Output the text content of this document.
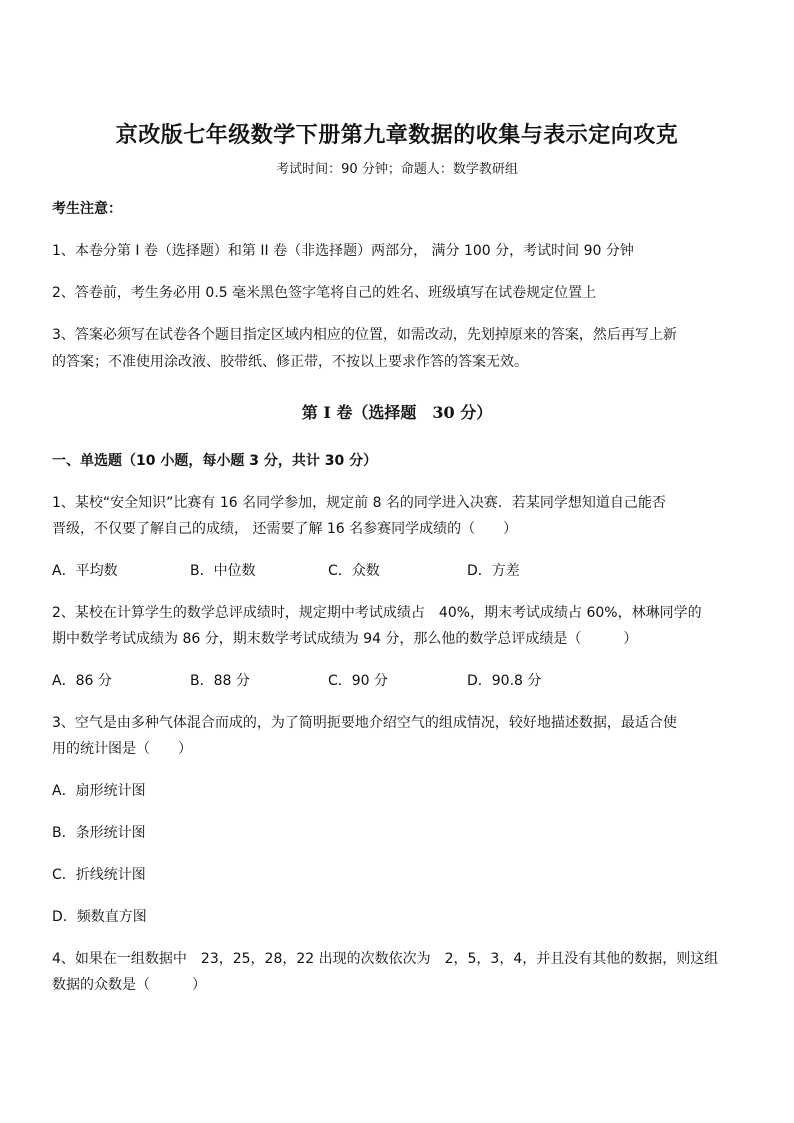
京改版七年级数学下册第九章数据的收集与表示定向攻克
考试时间：90 分钟；命题人：数学教研组
考生注意：
1、本卷分第 I 卷（选择题）和第 II 卷（非选择题）两部分， 满分 100 分，考试时间 90 分钟
2、答卷前，考生务必用 0.5 毫米黑色签字笔将自己的姓名、班级填写在试卷规定位置上
3、答案必须写在试卷各个题目指定区域内相应的位置，如需改动，先划掉原来的答案，然后再写上新
的答案；不准使用涂改液、胶带纸、修正带，不按以上要求作答的答案无效。
第 I 卷（选择题　30 分）
一、单选题（10 小题，每小题 3 分，共计 30 分）
1、某校“安全知识”比赛有 16 名同学参加，规定前 8 名的同学进入决赛．若某同学想知道自己能否
晋级，不仅要了解自己的成绩， 还需要了解 16 名参赛同学成绩的（　　）
A．平均数	B．中位数	C．众数	D．方差
2、某校在计算学生的数学总评成绩时，规定期中考试成绩占　40%，期末考试成绩占 60%，林琳同学的
期中数学考试成绩为 86 分，期末数学考试成绩为 94 分，那么他的数学总评成绩是（　　　）
A．86 分	B．88 分	C．90 分	D．90.8 分
3、空气是由多种气体混合而成的，为了简明扼要地介绍空气的组成情况，较好地描述数据，最适合使
用的统计图是（　　）
A．扇形统计图
B．条形统计图
C．折线统计图
D．频数直方图
4、如果在一组数据中　23，25，28，22 出现的次数依次为　2，5，3，4，并且没有其他的数据，则这组
数据的众数是（　　　）
